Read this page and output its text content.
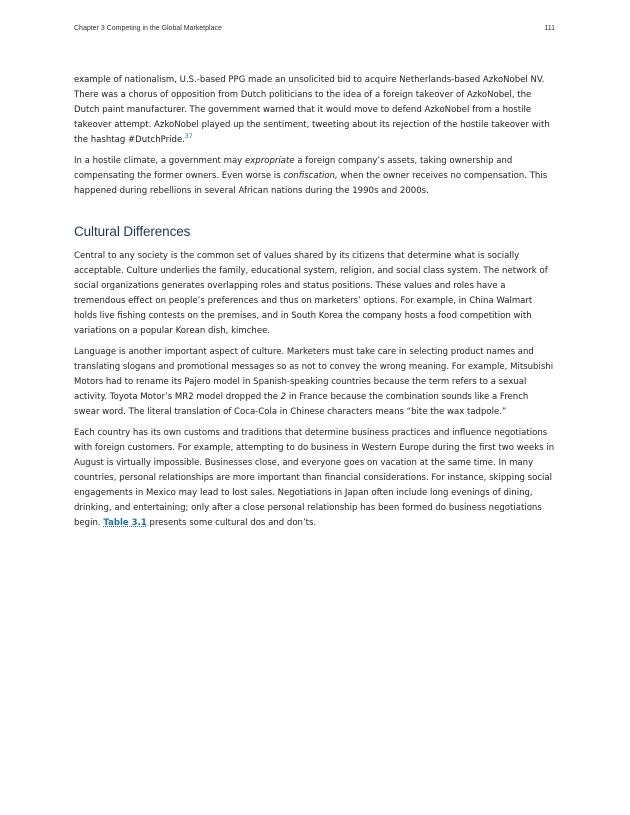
Chapter 3 Competing in the Global Marketplace	111

example of nationalism, U.S.-based PPG made an unsolicited bid to acquire Netherlands-based AzkoNobel NV. There was a chorus of opposition from Dutch politicians to the idea of a foreign takeover of AzkoNobel, the Dutch paint manufacturer. The government warned that it would move to defend AzkoNobel from a hostile takeover attempt. AzkoNobel played up the sentiment, tweeting about its rejection of the hostile takeover with the hashtag #DutchPride.$^{37}$

In a hostile climate, a government may expropriate a foreign company’s assets, taking ownership and compensating the former owners. Even worse is confiscation, when the owner receives no compensation. This happened during rebellions in several African nations during the 1990s and 2000s.

Cultural Differences

Central to any society is the common set of values shared by its citizens that determine what is socially acceptable. Culture underlies the family, educational system, religion, and social class system. The network of social organizations generates overlapping roles and status positions. These values and roles have a tremendous effect on people’s preferences and thus on marketers’ options. For example, in China Walmart holds live fishing contests on the premises, and in South Korea the company hosts a food competition with variations on a popular Korean dish, kimchee.

Language is another important aspect of culture. Marketers must take care in selecting product names and translating slogans and promotional messages so as not to convey the wrong meaning. For example, Mitsubishi Motors had to rename its Pajero model in Spanish-speaking countries because the term refers to a sexual activity. Toyota Motor’s MR2 model dropped the 2 in France because the combination sounds like a French swear word. The literal translation of Coca-Cola in Chinese characters means “bite the wax tadpole.”

Each country has its own customs and traditions that determine business practices and influence negotiations with foreign customers. For example, attempting to do business in Western Europe during the first two weeks in August is virtually impossible. Businesses close, and everyone goes on vacation at the same time. In many countries, personal relationships are more important than financial considerations. For instance, skipping social engagements in Mexico may lead to lost sales. Negotiations in Japan often include long evenings of dining, drinking, and entertaining; only after a close personal relationship has been formed do business negotiations begin. Table 3.1 presents some cultural dos and don’ts.
